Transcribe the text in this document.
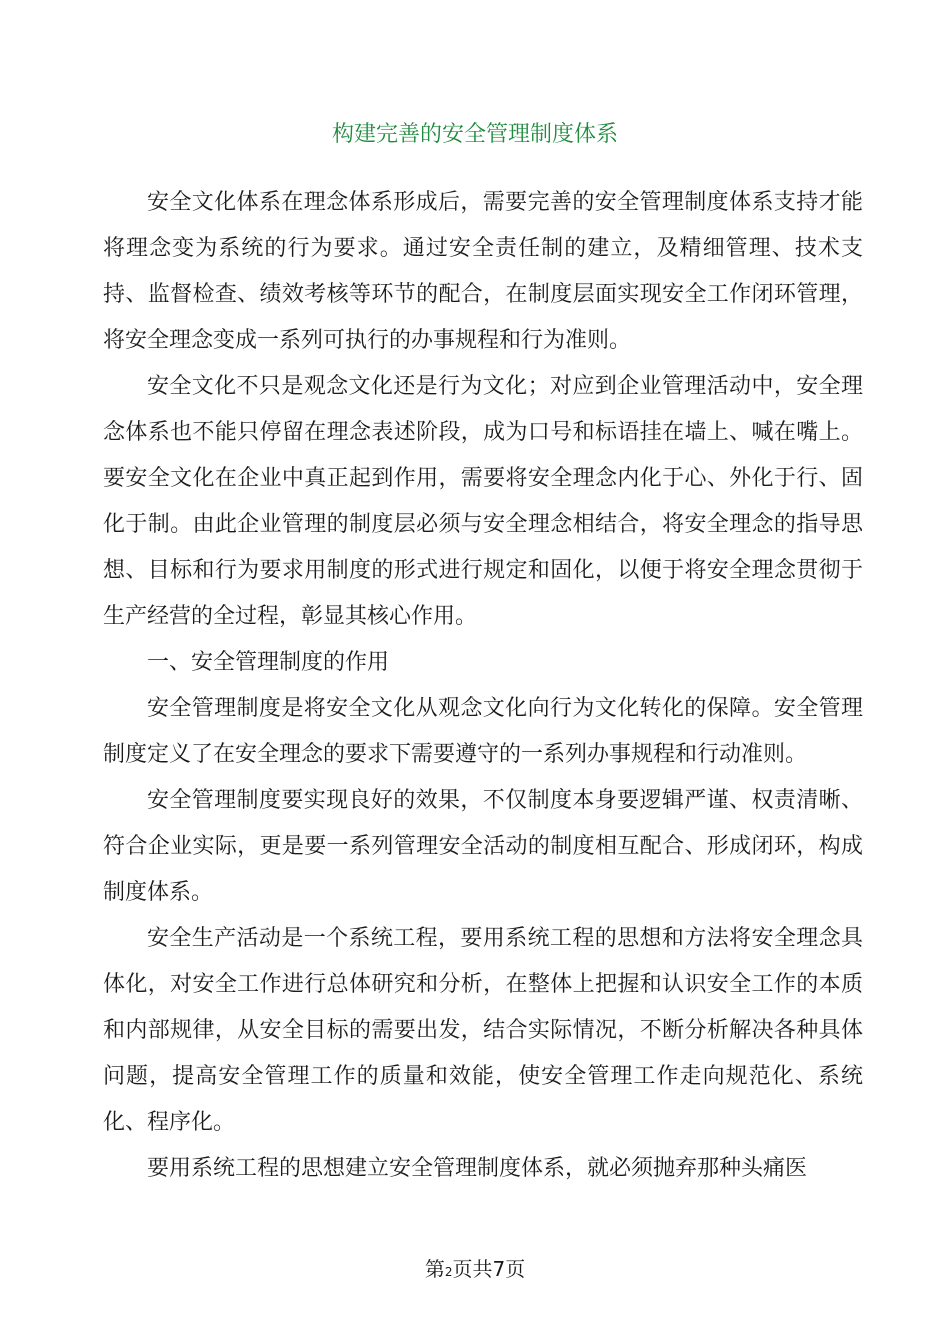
构建完善的安全管理制度体系

安全文化体系在理念体系形成后，需要完善的安全管理制度体系支持才能将理念变为系统的行为要求。通过安全责任制的建立，及精细管理、技术支持、监督检查、绩效考核等环节的配合，在制度层面实现安全工作闭环管理，将安全理念变成一系列可执行的办事规程和行为准则。

安全文化不只是观念文化还是行为文化；对应到企业管理活动中，安全理念体系也不能只停留在理念表述阶段，成为口号和标语挂在墙上、喊在嘴上。要安全文化在企业中真正起到作用，需要将安全理念内化于心、外化于行、固化于制。由此企业管理的制度层必须与安全理念相结合，将安全理念的指导思想、目标和行为要求用制度的形式进行规定和固化，以便于将安全理念贯彻于生产经营的全过程，彰显其核心作用。

一、安全管理制度的作用

安全管理制度是将安全文化从观念文化向行为文化转化的保障。安全管理制度定义了在安全理念的要求下需要遵守的一系列办事规程和行动准则。

安全管理制度要实现良好的效果，不仅制度本身要逻辑严谨、权责清晰、符合企业实际，更是要一系列管理安全活动的制度相互配合、形成闭环，构成制度体系。

安全生产活动是一个系统工程，要用系统工程的思想和方法将安全理念具体化，对安全工作进行总体研究和分析，在整体上把握和认识安全工作的本质和内部规律，从安全目标的需要出发，结合实际情况，不断分析解决各种具体问题，提高安全管理工作的质量和效能，使安全管理工作走向规范化、系统化、程序化。

要用系统工程的思想建立安全管理制度体系，就必须抛弃那种头痛医

第2页共7页
